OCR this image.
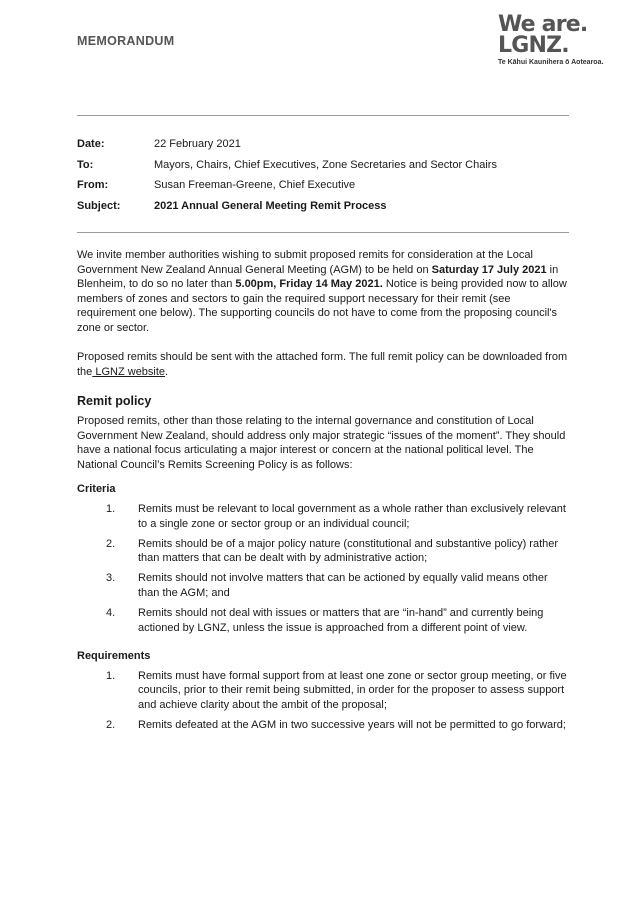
MEMORANDUM
We are.
LGNZ.
Te Kāhui Kaunihera ō Aotearoa.
Date:	22 February 2021
To:	Mayors, Chairs, Chief Executives, Zone Secretaries and Sector Chairs
From:	Susan Freeman-Greene, Chief Executive
Subject:	2021 Annual General Meeting Remit Process

We invite member authorities wishing to submit proposed remits for consideration at the Local Government New Zealand Annual General Meeting (AGM) to be held on Saturday 17 July 2021 in Blenheim, to do so no later than 5.00pm, Friday 14 May 2021. Notice is being provided now to allow members of zones and sectors to gain the required support necessary for their remit (see requirement one below). The supporting councils do not have to come from the proposing council's zone or sector.

Proposed remits should be sent with the attached form. The full remit policy can be downloaded from the LGNZ website.

Remit policy

Proposed remits, other than those relating to the internal governance and constitution of Local Government New Zealand, should address only major strategic “issues of the moment”. They should have a national focus articulating a major interest or concern at the national political level. The National Council’s Remits Screening Policy is as follows:

Criteria
1. Remits must be relevant to local government as a whole rather than exclusively relevant to a single zone or sector group or an individual council;
2. Remits should be of a major policy nature (constitutional and substantive policy) rather than matters that can be dealt with by administrative action;
3. Remits should not involve matters that can be actioned by equally valid means other than the AGM; and
4. Remits should not deal with issues or matters that are “in-hand” and currently being actioned by LGNZ, unless the issue is approached from a different point of view.
Requirements
1. Remits must have formal support from at least one zone or sector group meeting, or five councils, prior to their remit being submitted, in order for the proposer to assess support and achieve clarity about the ambit of the proposal;
2. Remits defeated at the AGM in two successive years will not be permitted to go forward;
